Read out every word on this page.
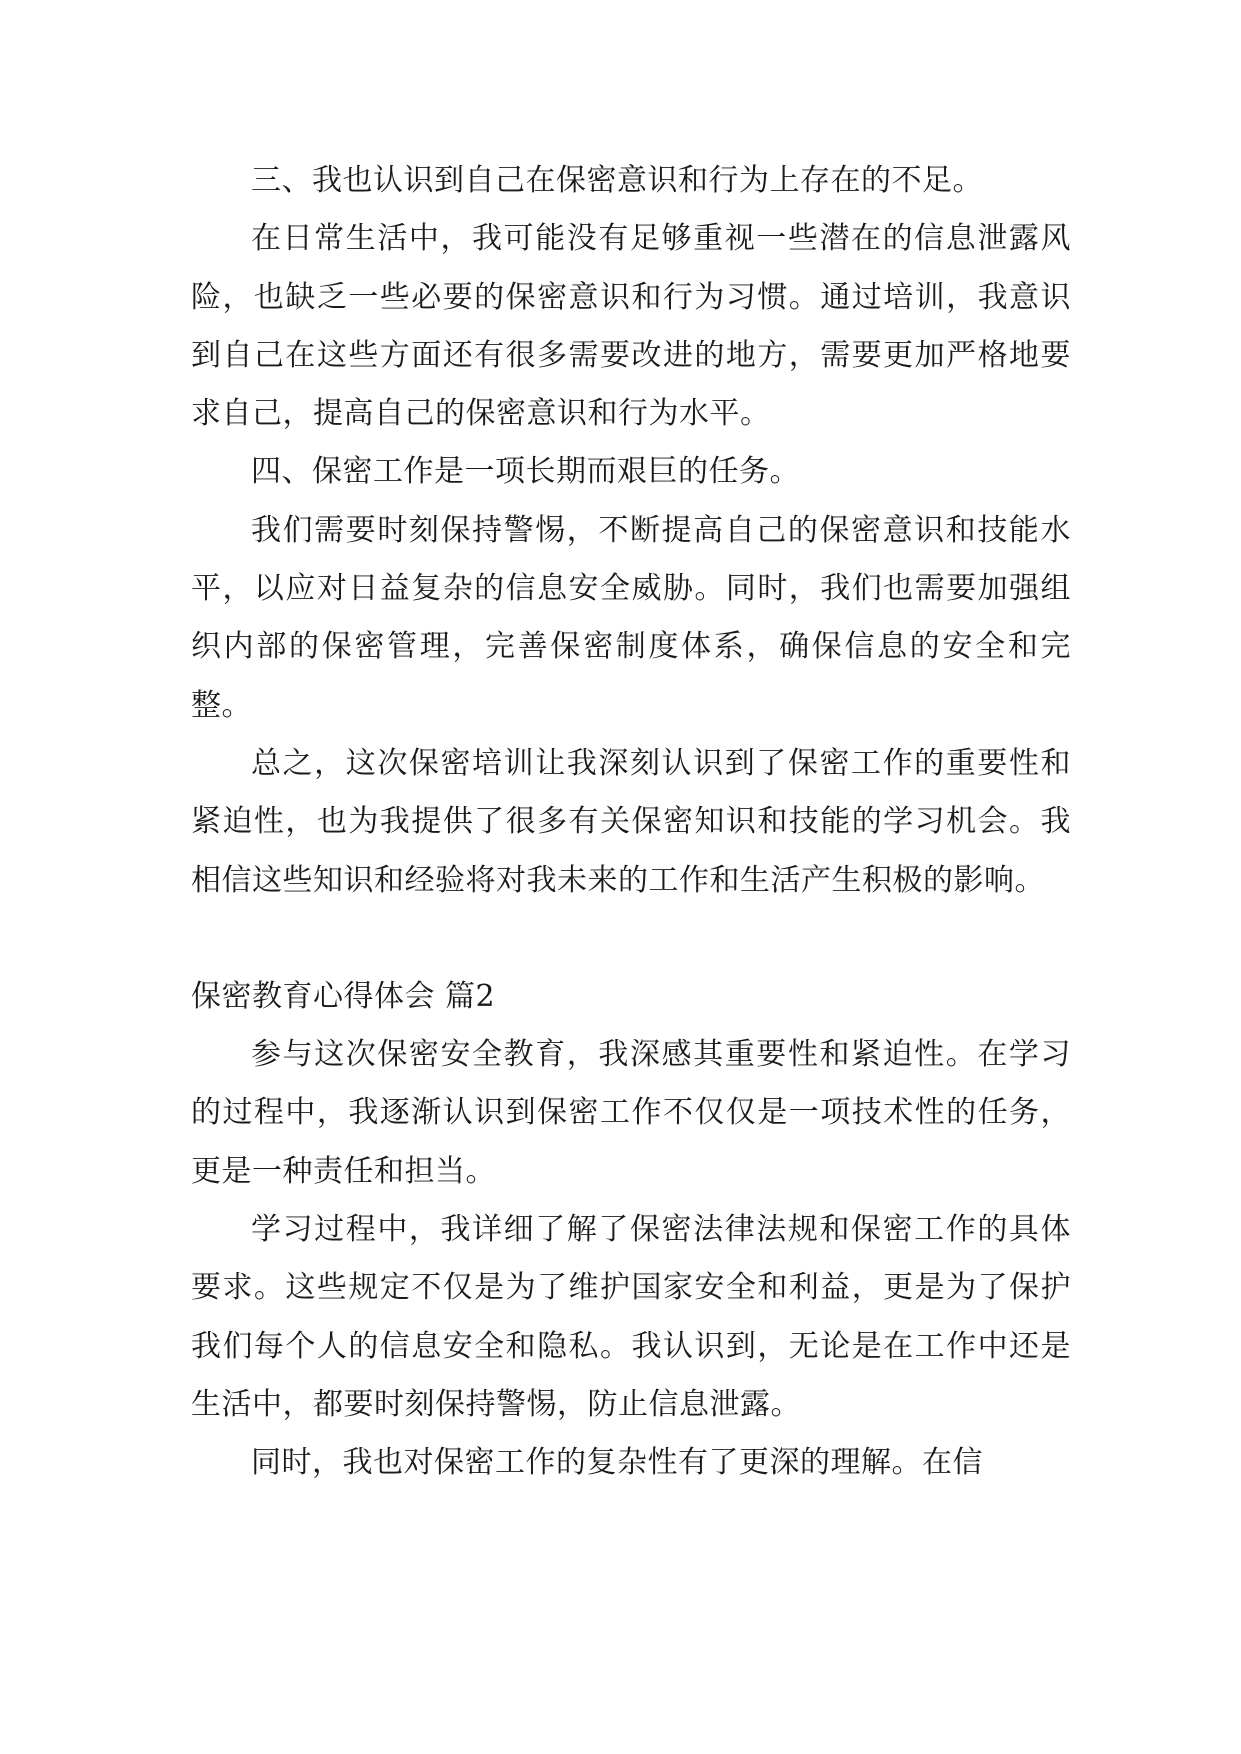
三、我也认识到自己在保密意识和行为上存在的不足。

在日常生活中，我可能没有足够重视一些潜在的信息泄露风险，也缺乏一些必要的保密意识和行为习惯。通过培训，我意识到自己在这些方面还有很多需要改进的地方，需要更加严格地要求自己，提高自己的保密意识和行为水平。

四、保密工作是一项长期而艰巨的任务。

我们需要时刻保持警惕，不断提高自己的保密意识和技能水平，以应对日益复杂的信息安全威胁。同时，我们也需要加强组织内部的保密管理，完善保密制度体系，确保信息的安全和完整。

总之，这次保密培训让我深刻认识到了保密工作的重要性和紧迫性，也为我提供了很多有关保密知识和技能的学习机会。我相信这些知识和经验将对我未来的工作和生活产生积极的影响。

保密教育心得体会 篇2

参与这次保密安全教育，我深感其重要性和紧迫性。在学习的过程中，我逐渐认识到保密工作不仅仅是一项技术性的任务，更是一种责任和担当。

学习过程中，我详细了解了保密法律法规和保密工作的具体要求。这些规定不仅是为了维护国家安全和利益，更是为了保护我们每个人的信息安全和隐私。我认识到，无论是在工作中还是生活中，都要时刻保持警惕，防止信息泄露。

同时，我也对保密工作的复杂性有了更深的理解。在信
